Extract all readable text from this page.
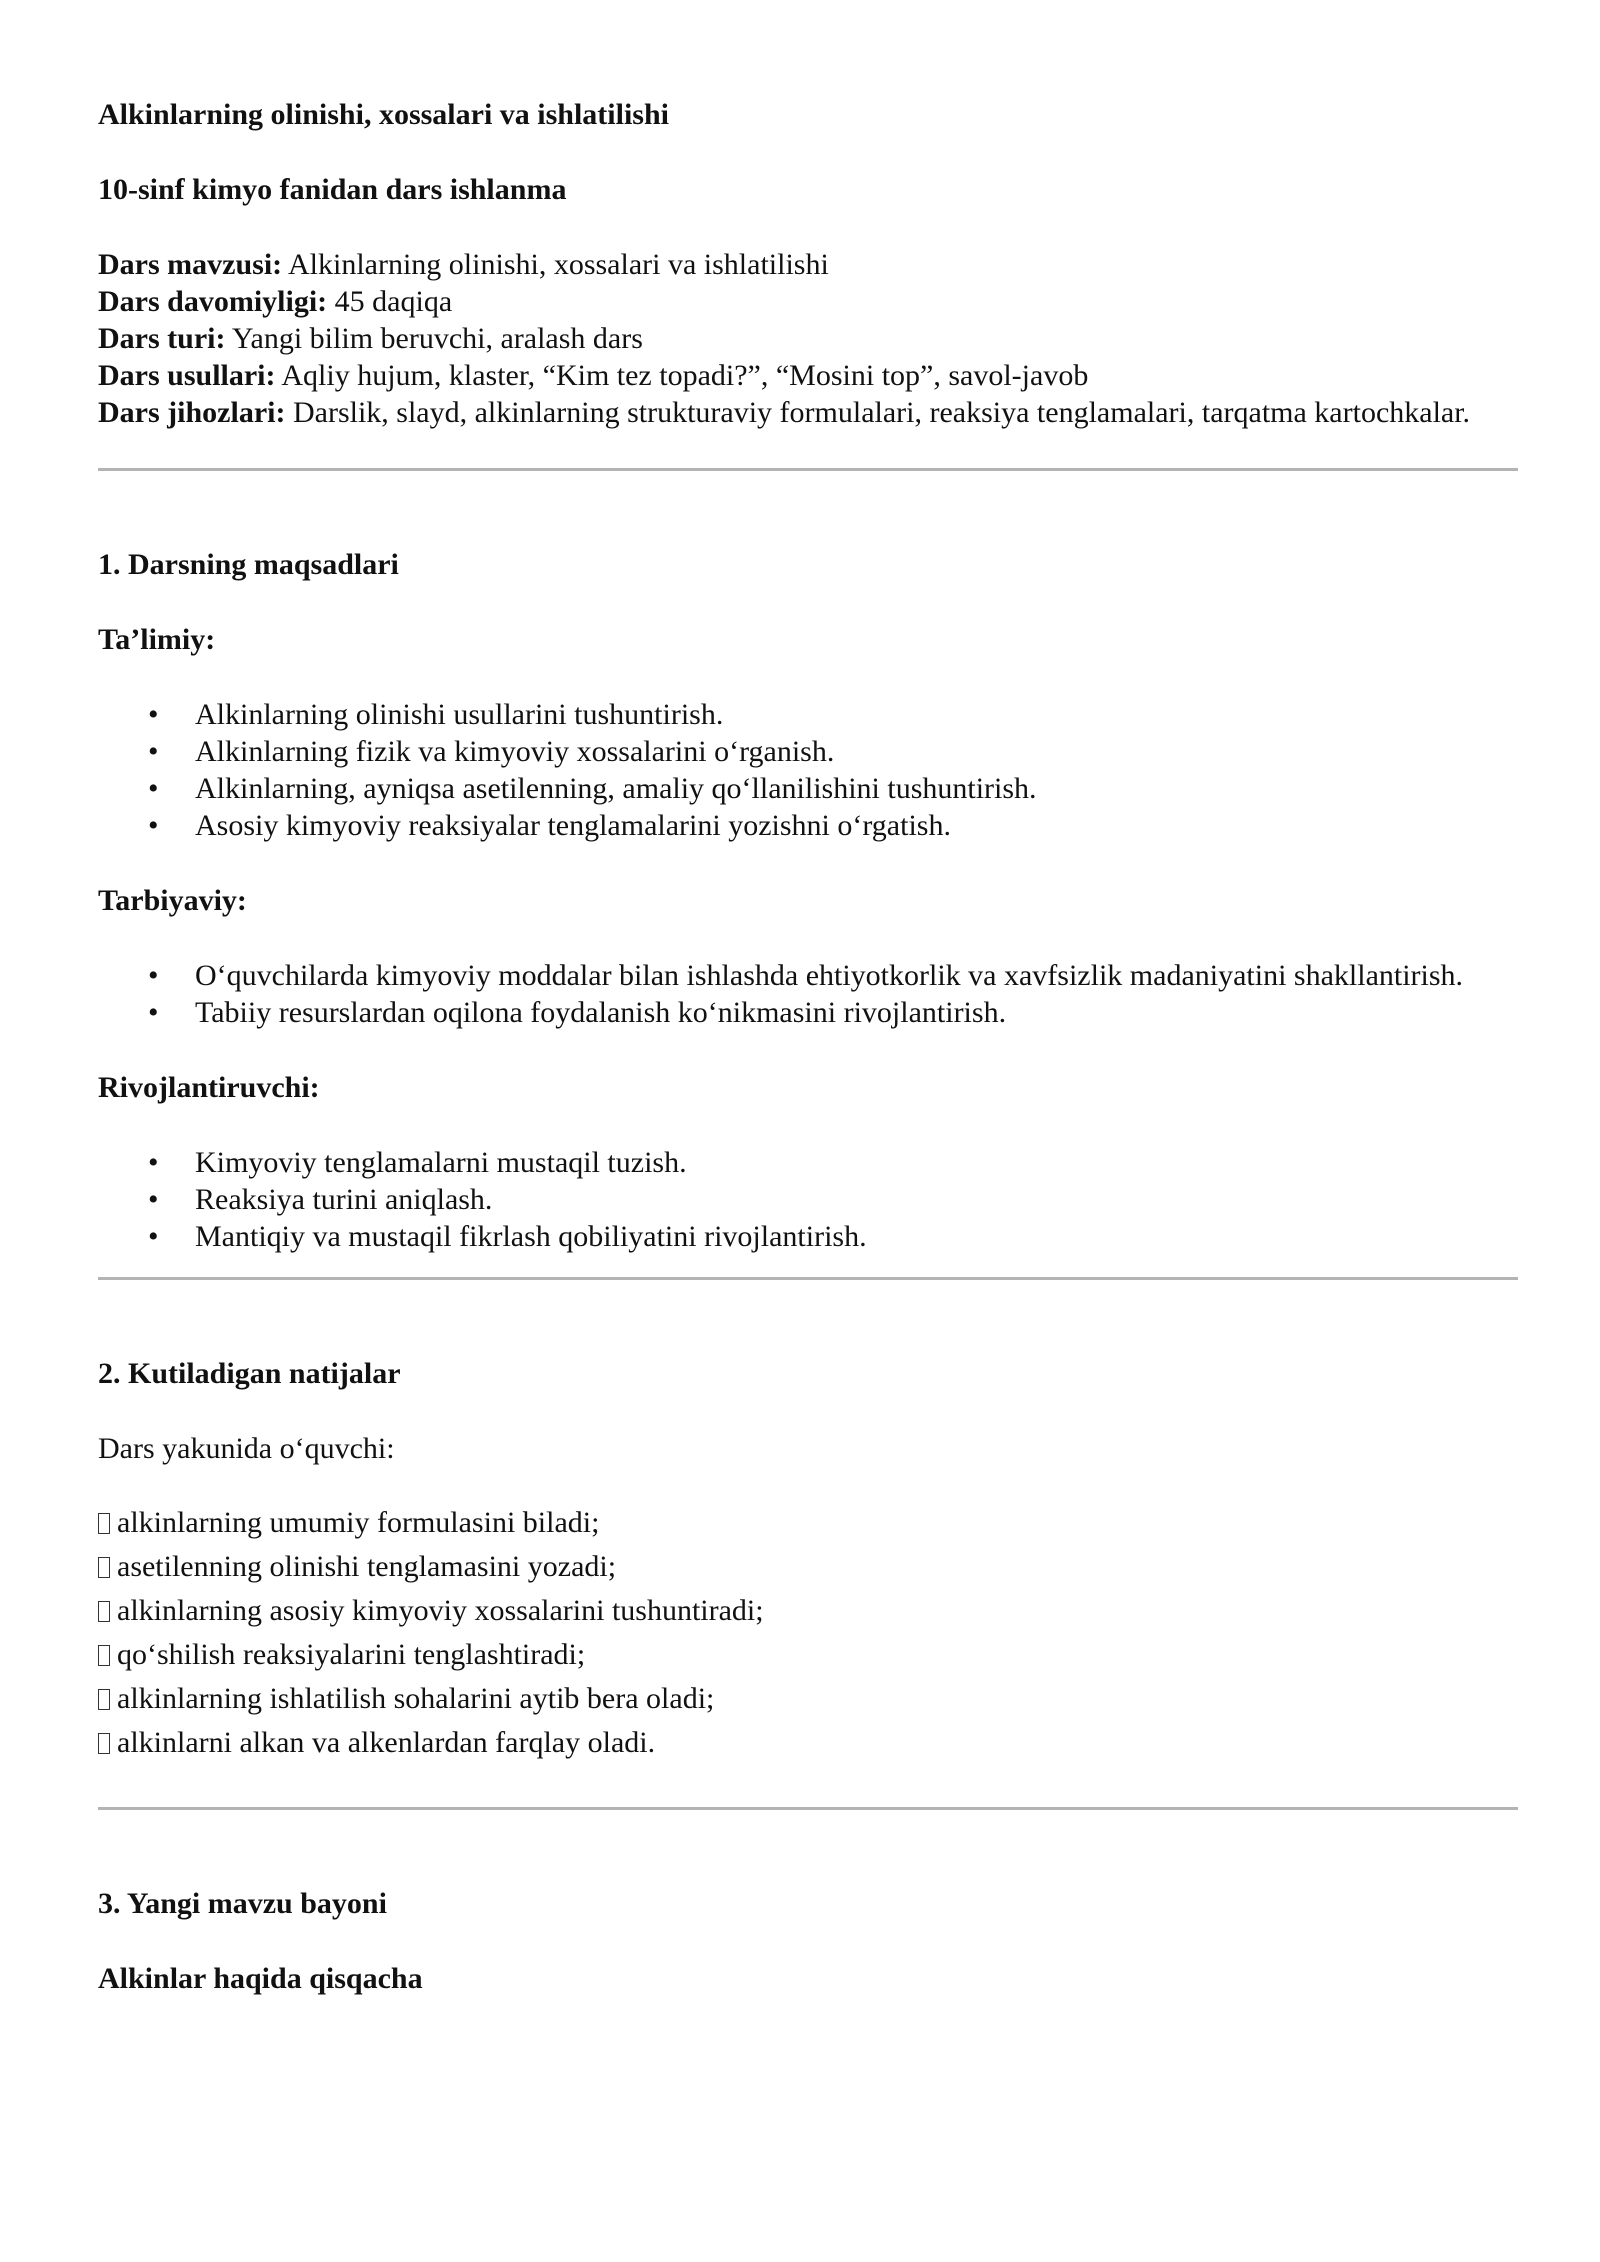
Alkinlarning olinishi, xossalari va ishlatilishi

10-sinf kimyo fanidan dars ishlanma

Dars mavzusi: Alkinlarning olinishi, xossalari va ishlatilishi

Dars davomiyligi: 45 daqiqa

Dars turi: Yangi bilim beruvchi, aralash dars

Dars usullari: Aqliy hujum, klaster, “Kim tez topadi?”, “Mosini top”, savol-javob

Dars jihozlari: Darslik, slayd, alkinlarning strukturaviy formulalari, reaksiya tenglamalari, tarqatma kartochkalar.

1. Darsning maqsadlari

Ta’limiy:

• Alkinlarning olinishi usullarini tushuntirish.
• Alkinlarning fizik va kimyoviy xossalarini o‘rganish.
• Alkinlarning, ayniqsa asetilenning, amaliy qo‘llanilishini tushuntirish.
• Asosiy kimyoviy reaksiyalar tenglamalarini yozishni o‘rgatish.

Tarbiyaviy:

• O‘quvchilarda kimyoviy moddalar bilan ishlashda ehtiyotkorlik va xavfsizlik madaniyatini shakllantirish.
• Tabiiy resurslardan oqilona foydalanish ko‘nikmasini rivojlantirish.

Rivojlantiruvchi:

• Kimyoviy tenglamalarni mustaqil tuzish.
• Reaksiya turini aniqlash.
• Mantiqiy va mustaqil fikrlash qobiliyatini rivojlantirish.

2. Kutiladigan natijalar

Dars yakunida o‘quvchi:

alkinlarning umumiy formulasini biladi;

asetilenning olinishi tenglamasini yozadi;

alkinlarning asosiy kimyoviy xossalarini tushuntiradi;

qo‘shilish reaksiyalarini tenglashtiradi;

alkinlarning ishlatilish sohalarini aytib bera oladi;

alkinlarni alkan va alkenlardan farqlay oladi.

3. Yangi mavzu bayoni

Alkinlar haqida qisqacha
